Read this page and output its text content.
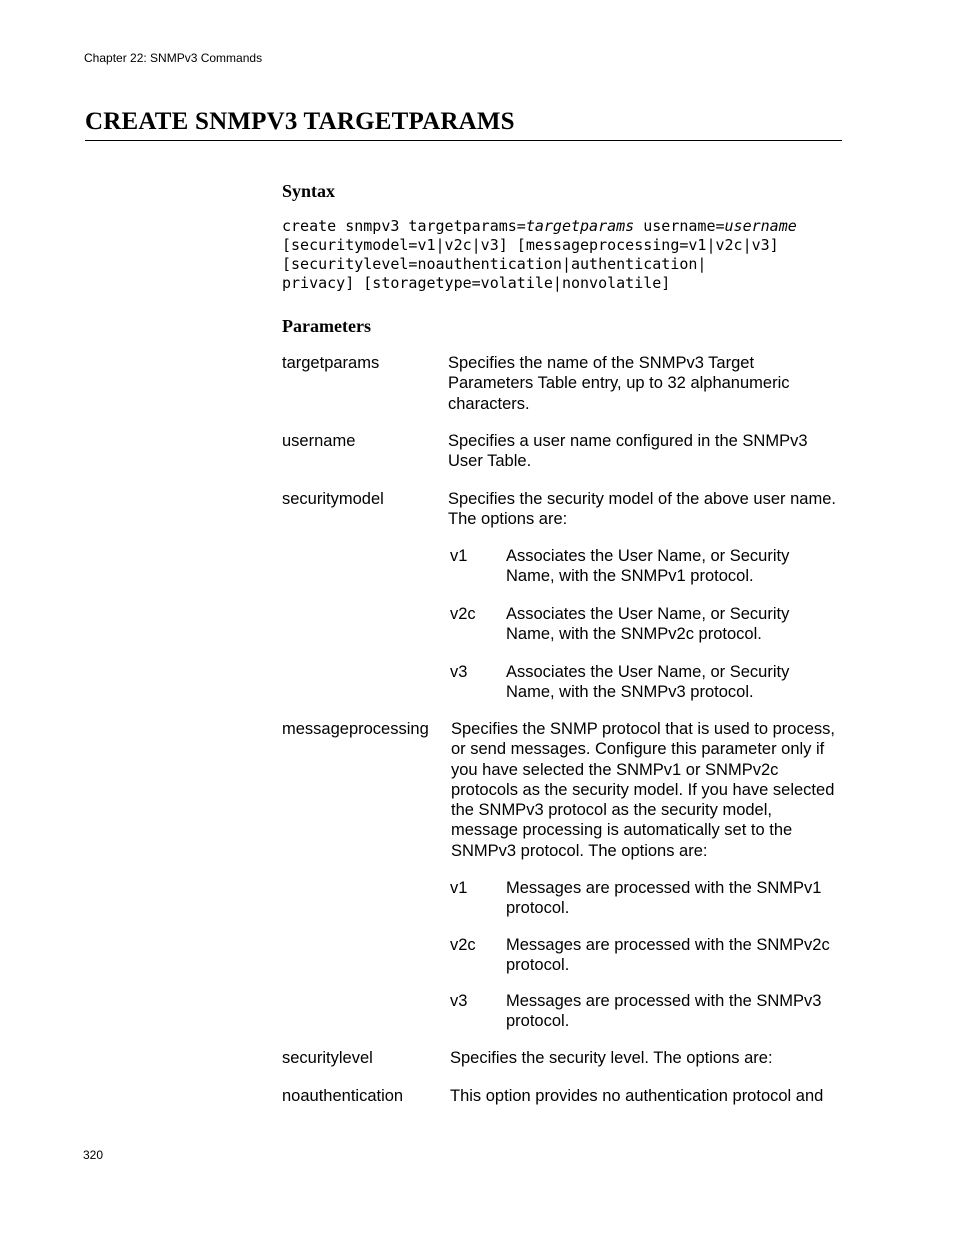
Chapter 22: SNMPv3 Commands
CREATE SNMPV3 TARGETPARAMS
Syntax
create snmpv3 targetparams=targetparams username=username
[securitymodel=v1|v2c|v3] [messageprocessing=v1|v2c|v3]
[securitylevel=noauthentication|authentication|
privacy] [storagetype=volatile|nonvolatile]
Parameters
targetparams	Specifies the name of the SNMPv3 Target Parameters Table entry, up to 32 alphanumeric characters.
username	Specifies a user name configured in the SNMPv3 User Table.
securitymodel	Specifies the security model of the above user name. The options are:
v1 Associates the User Name, or Security Name, with the SNMPv1 protocol.
v2c Associates the User Name, or Security Name, with the SNMPv2c protocol.
v3 Associates the User Name, or Security Name, with the SNMPv3 protocol.
messageprocessing Specifies the SNMP protocol that is used to process, or send messages. Configure this parameter only if you have selected the SNMPv1 or SNMPv2c protocols as the security model. If you have selected the SNMPv3 protocol as the security model, message processing is automatically set to the SNMPv3 protocol. The options are:
v1 Messages are processed with the SNMPv1 protocol.
v2c Messages are processed with the SNMPv2c protocol.
v3 Messages are processed with the SNMPv3 protocol.
securitylevel	Specifies the security level. The options are:
noauthentication	This option provides no authentication protocol and
320
